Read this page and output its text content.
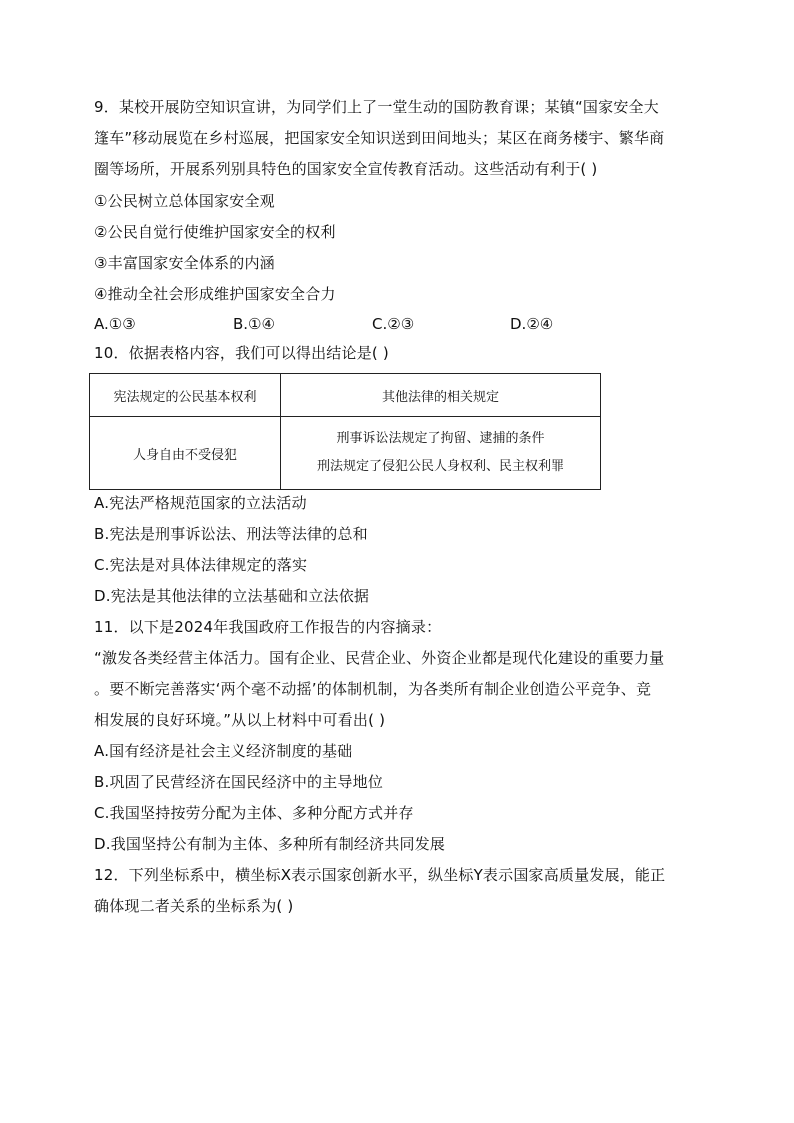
9．某校开展防空知识宣讲，为同学们上了一堂生动的国防教育课；某镇“国家安全大
篷车”移动展览在乡村巡展，把国家安全知识送到田间地头；某区在商务楼宇、繁华商
圈等场所，开展系列别具特色的国家安全宣传教育活动。这些活动有利于( )
①公民树立总体国家安全观
②公民自觉行使维护国家安全的权利
③丰富国家安全体系的内涵
④推动全社会形成维护国家安全合力
A.①③	B.①④	C.②③	D.②④
10．依据表格内容，我们可以得出结论是( )
宪法规定的公民基本权利	其他法律的相关规定
人身自由不受侵犯	刑事诉讼法规定了拘留、逮捕的条件
刑法规定了侵犯公民人身权利、民主权利罪
A.宪法严格规范国家的立法活动
B.宪法是刑事诉讼法、刑法等法律的总和
C.宪法是对具体法律规定的落实
D.宪法是其他法律的立法基础和立法依据
11．以下是2024年我国政府工作报告的内容摘录：
“激发各类经营主体活力。国有企业、民营企业、外资企业都是现代化建设的重要力量
。要不断完善落实‘两个毫不动摇’的体制机制，为各类所有制企业创造公平竞争、竞
相发展的良好环境。”从以上材料中可看出( )
A.国有经济是社会主义经济制度的基础
B.巩固了民营经济在国民经济中的主导地位
C.我国坚持按劳分配为主体、多种分配方式并存
D.我国坚持公有制为主体、多种所有制经济共同发展
12．下列坐标系中，横坐标X表示国家创新水平，纵坐标Y表示国家高质量发展，能正
确体现二者关系的坐标系为( )
